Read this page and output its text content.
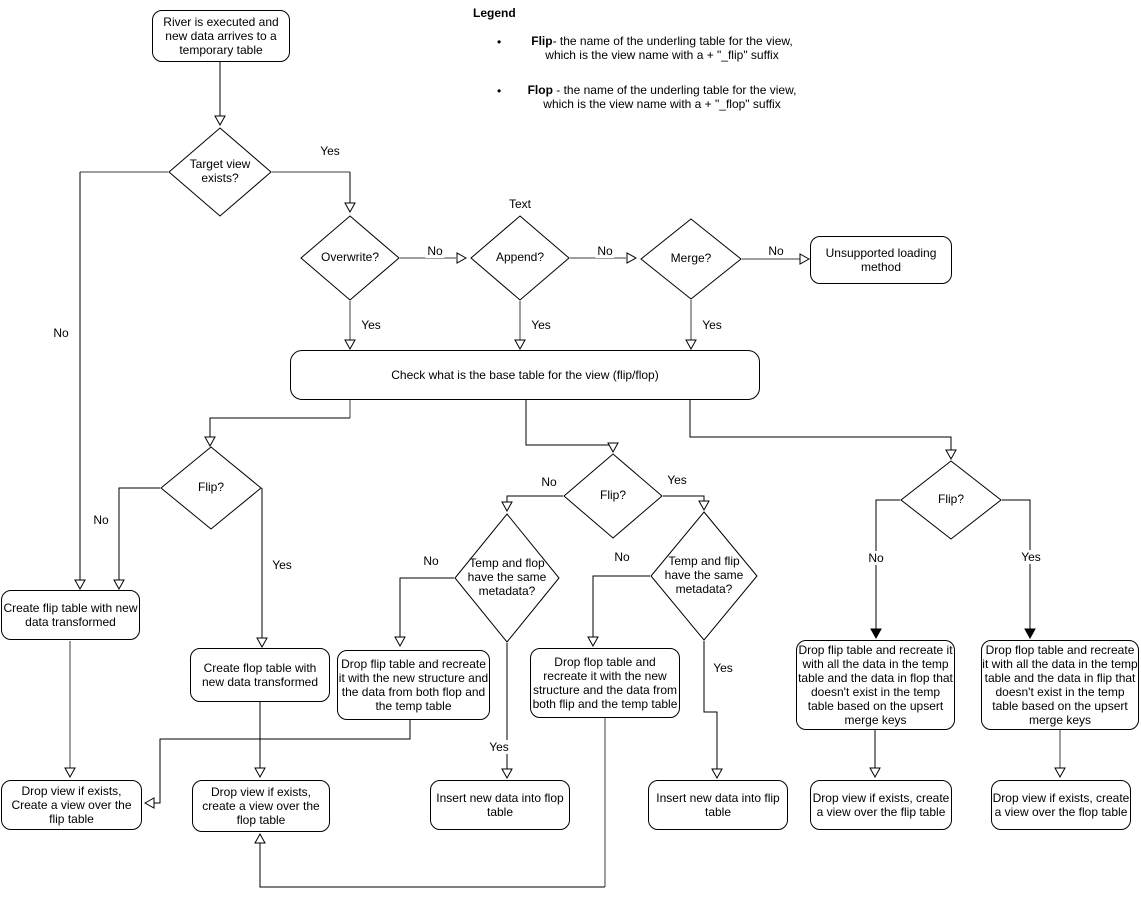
Legend
•	Flip- the name of the underling table for the view,
which is the view name with a + "_flip" suffix
•	Flop - the name of the underling table for the view,
which is the view name with a + "_flop" suffix
River is executed and new data arrives to a temporary table
Unsupported loading method
Check what is the base table for the view (flip/flop)
Create flip table with new data transformed
Create flop table with new data transformed
Drop flip table and recreate it with the new structure and the data from both flop and the temp table
Drop flop table and recreate it with the new structure and the data from both flip and the temp table
Drop flip table and recreate it with all the data in the temp table and the data in flop that doesn't exist in the temp table based on the upsert merge keys
Drop flop table and recreate it with all the data in the temp table and the data in flip that doesn't exist in the temp table based on the upsert merge keys
Drop view if exists, Create a view over the flip table
Drop view if exists, create a view over the flop table
Insert new data into flop table
Insert new data into flip table
Drop view if exists, create a view over the flip table
Drop view if exists, create a view over the flop table
Target view exists?
Overwrite?	Append?	Merge?
Flip?
Flip?	Flip?
Temp and flop have the same metadata?
Temp and flip have the same metadata?
Yes
No
Text
No	No	No
Yes	Yes	Yes
No
Yes
No	Yes
No
Yes
No
Yes
No	Yes
